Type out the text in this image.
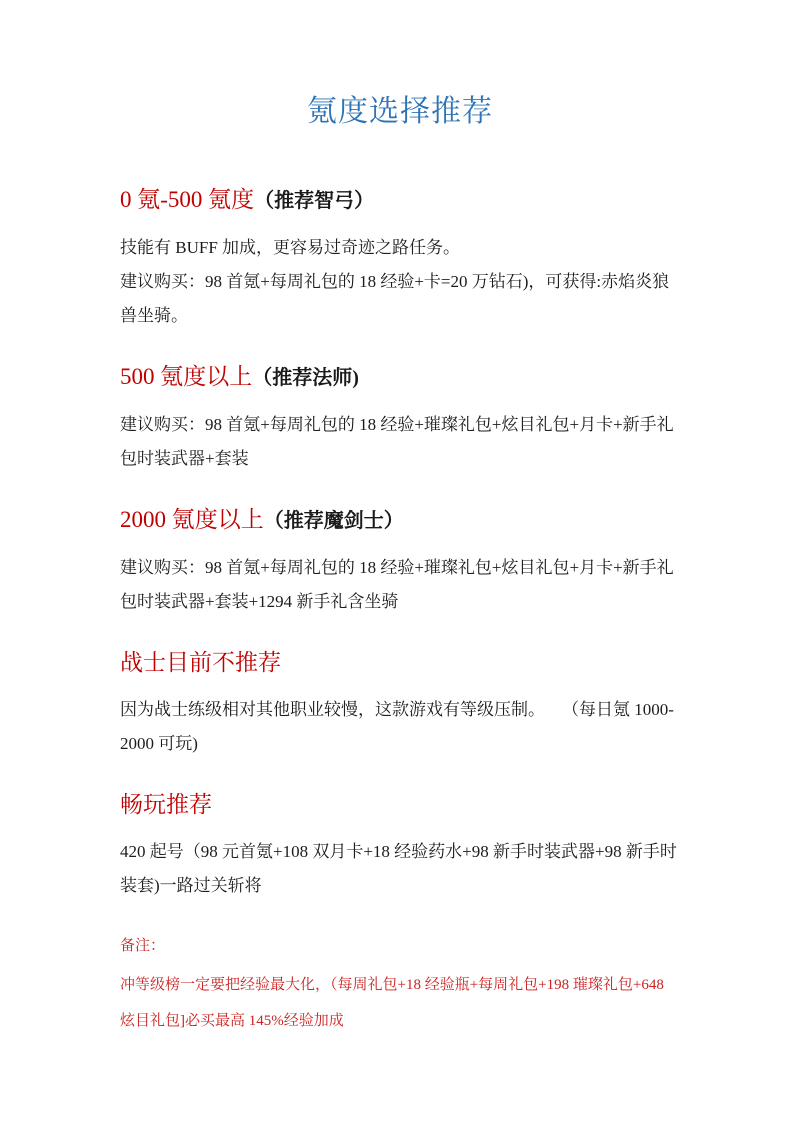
氪度选择推荐
0 氪-500 氪度（推荐智弓）

技能有 BUFF 加成，更容易过奇迹之路任务。

建议购买：98 首氪+每周礼包的 18 经验+卡=20 万钻石)，可获得:赤焰炎狼兽坐骑。

500 氪度以上（推荐法师)

建议购买：98 首氪+每周礼包的 18 经验+璀璨礼包+炫目礼包+月卡+新手礼包时装武器+套装

2000 氪度以上（推荐魔剑士）

建议购买：98 首氪+每周礼包的 18 经验+璀璨礼包+炫目礼包+月卡+新手礼包时装武器+套装+1294 新手礼含坐骑

战士目前不推荐

因为战士练级相对其他职业较慢，这款游戏有等级压制。　　（每日氪 1000-2000 可玩)

畅玩推荐

420 起号（98 元首氪+108 双月卡+18 经验药水+98 新手时装武器+98 新手时装套)一路过关斩将

备注：

冲等级榜一定要把经验最大化，（每周礼包+18 经验瓶+每周礼包+198 璀璨礼包+648 炫目礼包]必买最高 145%经验加成
